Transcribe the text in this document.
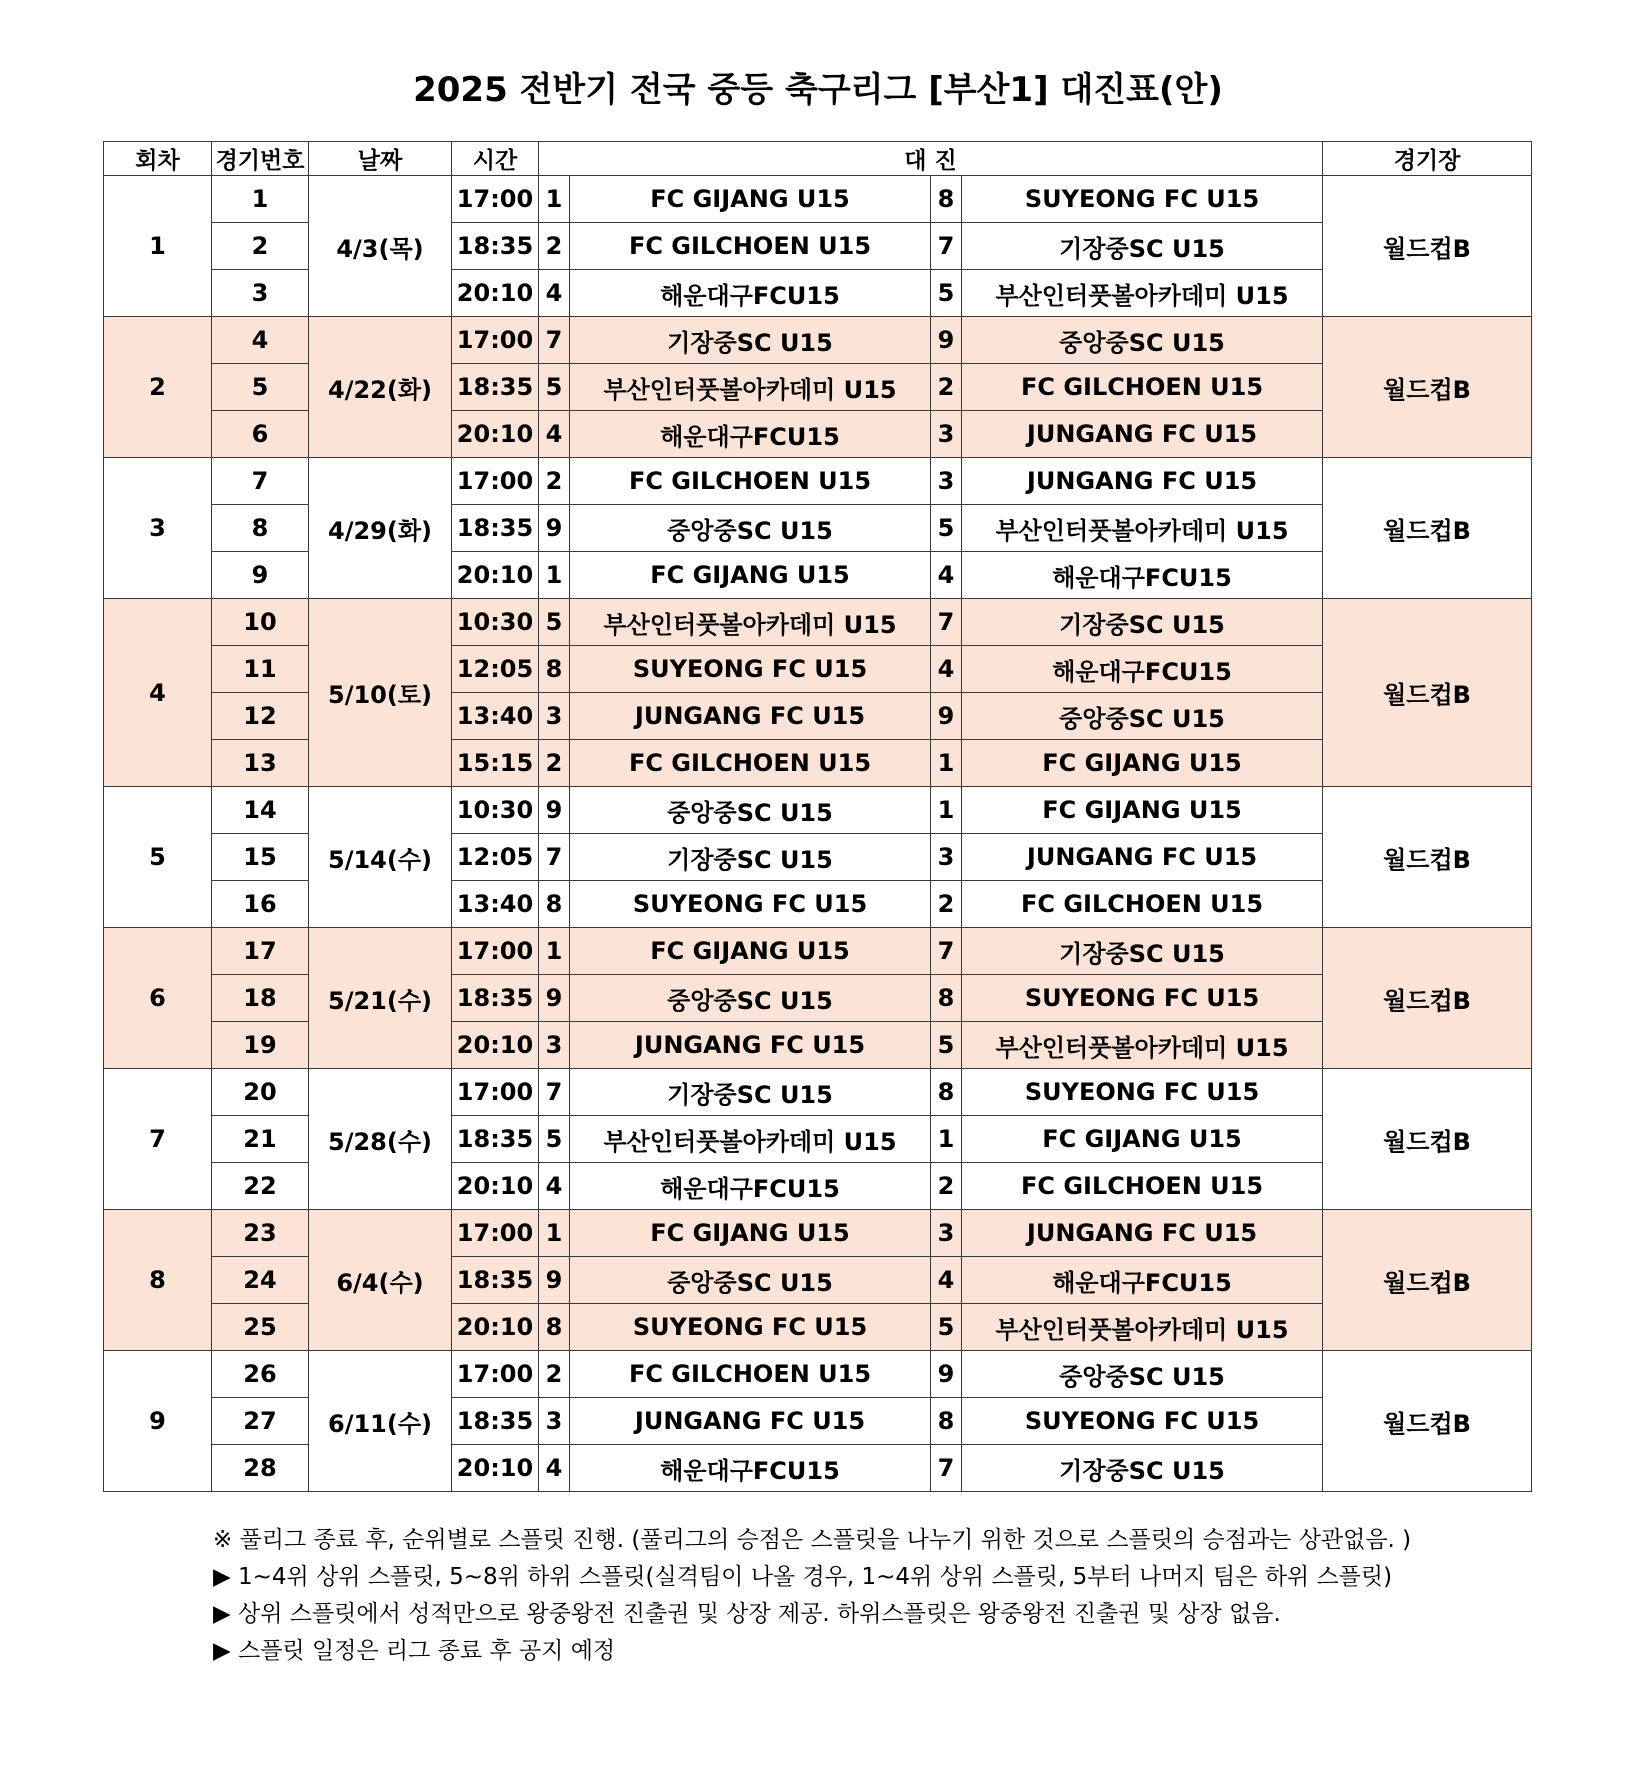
2025 전반기 전국 중등 축구리그 [부산1] 대진표(안)
회차	경기번호	날짜	시간	대 진				경기장
1	1	4/3(목)	17:00	1	FC GIJANG U15	8	SUYEONG FC U15	월드컵B
	2		18:35	2	FC GILCHOEN U15	7	기장중SC U15	
	3		20:10	4	해운대구FCU15	5	부산인터풋볼아카데미 U15	
2	4	4/22(화)	17:00	7	기장중SC U15	9	중앙중SC U15	월드컵B
	5		18:35	5	부산인터풋볼아카데미 U15	2	FC GILCHOEN U15	
	6		20:10	4	해운대구FCU15	3	JUNGANG FC U15	
3	7	4/29(화)	17:00	2	FC GILCHOEN U15	3	JUNGANG FC U15	월드컵B
	8		18:35	9	중앙중SC U15	5	부산인터풋볼아카데미 U15	
	9		20:10	1	FC GIJANG U15	4	해운대구FCU15	
4	10	5/10(토)	10:30	5	부산인터풋볼아카데미 U15	7	기장중SC U15	월드컵B
	11		12:05	8	SUYEONG FC U15	4	해운대구FCU15	
	12		13:40	3	JUNGANG FC U15	9	중앙중SC U15	
	13		15:15	2	FC GILCHOEN U15	1	FC GIJANG U15	
5	14	5/14(수)	10:30	9	중앙중SC U15	1	FC GIJANG U15	월드컵B
	15		12:05	7	기장중SC U15	3	JUNGANG FC U15	
	16		13:40	8	SUYEONG FC U15	2	FC GILCHOEN U15	
6	17	5/21(수)	17:00	1	FC GIJANG U15	7	기장중SC U15	월드컵B
	18		18:35	9	중앙중SC U15	8	SUYEONG FC U15	
	19		20:10	3	JUNGANG FC U15	5	부산인터풋볼아카데미 U15	
7	20	5/28(수)	17:00	7	기장중SC U15	8	SUYEONG FC U15	월드컵B
	21		18:35	5	부산인터풋볼아카데미 U15	1	FC GIJANG U15	
	22		20:10	4	해운대구FCU15	2	FC GILCHOEN U15	
8	23	6/4(수)	17:00	1	FC GIJANG U15	3	JUNGANG FC U15	월드컵B
	24		18:35	9	중앙중SC U15	4	해운대구FCU15	
	25		20:10	8	SUYEONG FC U15	5	부산인터풋볼아카데미 U15	
9	26	6/11(수)	17:00	2	FC GILCHOEN U15	9	중앙중SC U15	월드컵B
	27		18:35	3	JUNGANG FC U15	8	SUYEONG FC U15	
	28		20:10	4	해운대구FCU15	7	기장중SC U15	
※ 풀리그 종료 후, 순위별로 스플릿 진행. (풀리그의 승점은 스플릿을 나누기 위한 것으로 스플릿의 승점과는 상관없음. )
▶ 1~4위 상위 스플릿, 5~8위 하위 스플릿(실격팀이 나올 경우, 1~4위 상위 스플릿, 5부터 나머지 팀은 하위 스플릿)
▶ 상위 스플릿에서 성적만으로 왕중왕전 진출권 및 상장 제공. 하위스플릿은 왕중왕전 진출권 및 상장 없음.
▶ 스플릿 일정은 리그 종료 후 공지 예정
